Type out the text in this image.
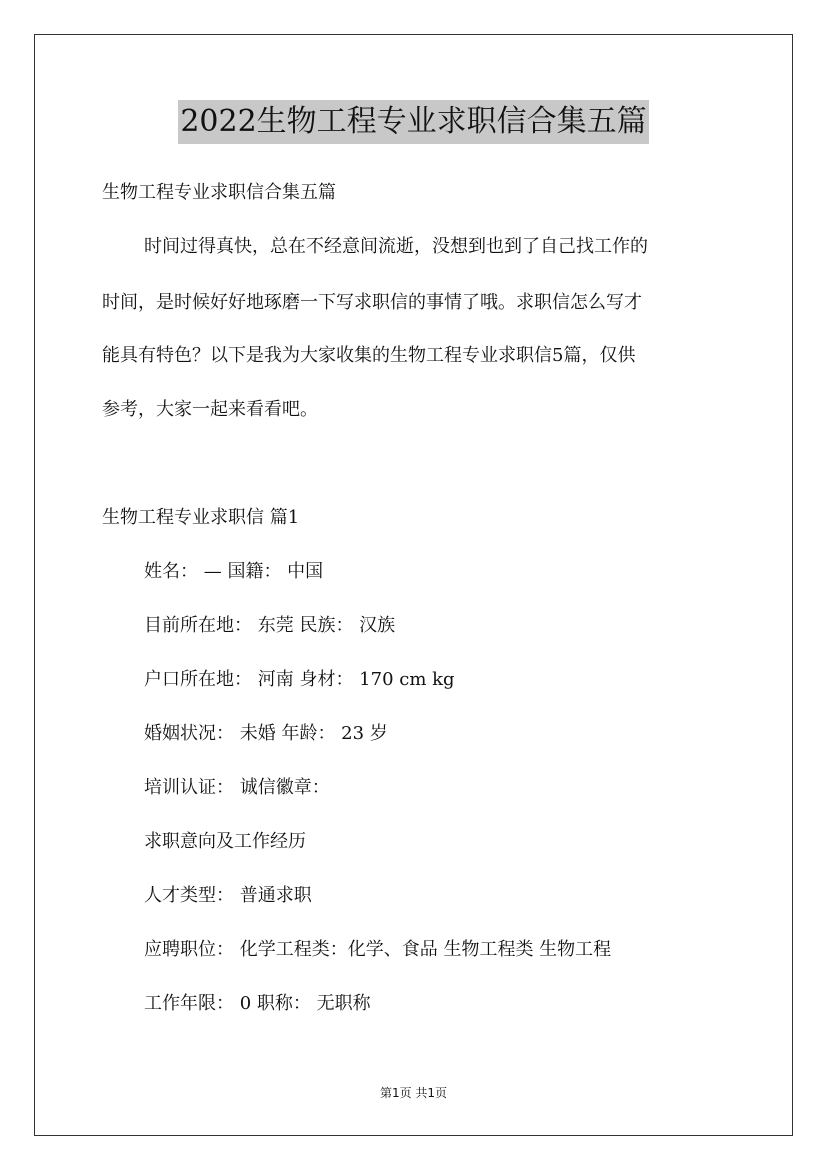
2022生物工程专业求职信合集五篇
生物工程专业求职信合集五篇
时间过得真快，总在不经意间流逝，没想到也到了自己找工作的
时间，是时候好好地琢磨一下写求职信的事情了哦。求职信怎么写才
能具有特色？以下是我为大家收集的生物工程专业求职信5篇，仅供
参考，大家一起来看看吧。
生物工程专业求职信 篇1
姓名： — 国籍： 中国
目前所在地： 东莞 民族： 汉族
户口所在地： 河南 身材： 170 cm kg
婚姻状况： 未婚 年龄： 23 岁
培训认证： 诚信徽章：
求职意向及工作经历
人才类型： 普通求职
应聘职位： 化学工程类：化学、食品 生物工程类 生物工程
工作年限： 0 职称： 无职称
第1页 共1页
